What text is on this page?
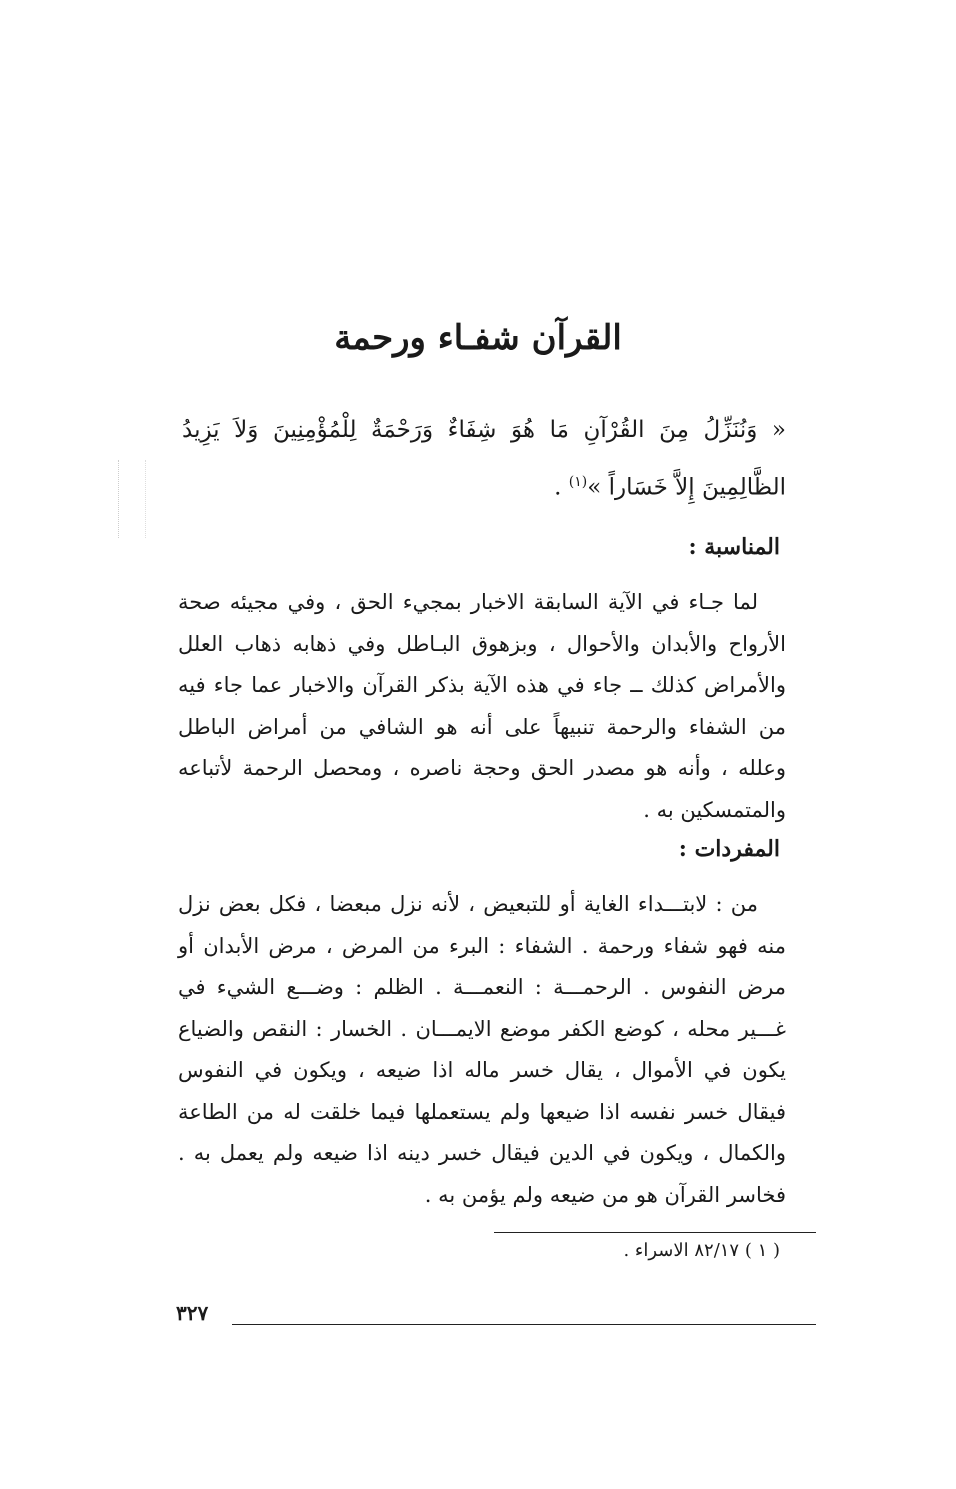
القرآن شفـاء ورحمة
« وَنُنَزِّلُ مِنَ القُرْآنِ مَا هُوَ شِفَاءٌ وَرَحْمَةٌ لِلْمُؤْمِنِينَ وَلاَ يَزِيدُ الظَّالِمِينَ إِلاَّ خَسَاراً »$^{(١)}$ .
المناسبة :
لما جـاء في الآية السابقة الاخبار بمجيء الحق ، وفي مجيئه صحة الأرواح والأبدان والأحوال ، وبزهوق البـاطل وفي ذهابه ذهاب العلل والأمراض كذلك ــ جاء في هذه الآية بذكر القرآن والاخبار عما جاء فيه من الشفاء والرحمة تنبيهاً على أنه هو الشافي من أمراض الباطل وعلله ، وأنه هو مصدر الحق وحجة ناصره ، ومحصل الرحمة لأتباعه والمتمسكين به .
المفردات :
من : لابتـــداء الغاية أو للتبعيض ، لأنه نزل مبعضا ، فكل بعض نزل منه فهو شفاء ورحمة . الشفاء : البرء من المرض ، مرض الأبدان أو مرض النفوس . الرحمـــة : النعمـــة . الظلم : وضـــع الشيء في غـــير محله ، كوضع الكفر موضع الايمـــان . الخسار : النقص والضياع يكون في الأموال ، يقال خسر ماله اذا ضيعه ، ويكون في النفوس فيقال خسر نفسه اذا ضيعها ولم يستعملها فيما خلقت له من الطاعة والكمال ، ويكون في الدين فيقال خسر دينه اذا ضيعه ولم يعمل به . فخاسر القرآن هو من ضيعه ولم يؤمن به .
( ١ ) ٨٢/١٧ الاسراء .
٣٢٧
